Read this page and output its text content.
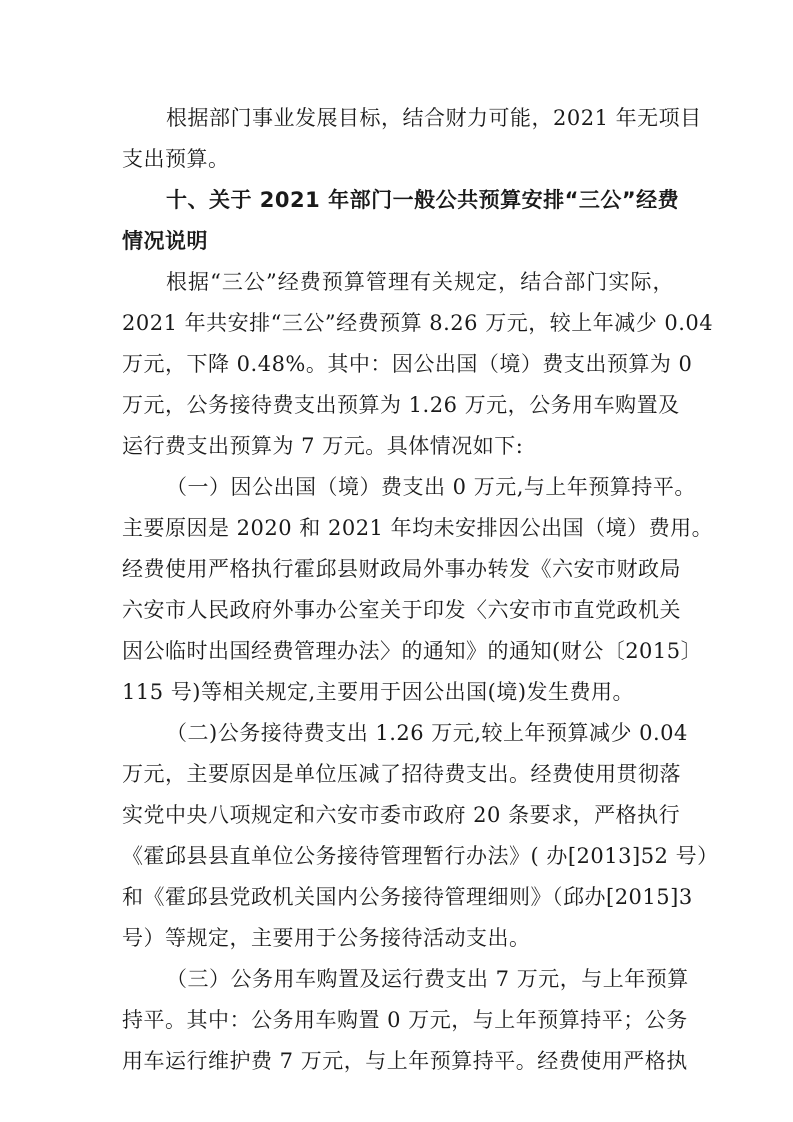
根据部门事业发展目标，结合财力可能，2021 年无项目

支出预算。

十、关于 2021 年部门一般公共预算安排“三公”经费

情况说明

根据“三公”经费预算管理有关规定，结合部门实际，

2021 年共安排“三公”经费预算 8.26 万元，较上年减少 0.04

万元，下降 0.48%。其中：因公出国（境）费支出预算为 0

万元，公务接待费支出预算为 1.26 万元，公务用车购置及

运行费支出预算为 7 万元。具体情况如下:

（一）因公出国（境）费支出 0 万元,与上年预算持平。

主要原因是 2020 和 2021 年均未安排因公出国（境）费用。

经费使用严格执行霍邱县财政局外事办转发《六安市财政局

六安市人民政府外事办公室关于印发〈六安市市直党政机关

因公临时出国经费管理办法〉的通知》的通知(财公〔2015〕

115 号)等相关规定,主要用于因公出国(境)发生费用。

（二)公务接待费支出 1.26 万元,较上年预算减少 0.04

万元，主要原因是单位压减了招待费支出。经费使用贯彻落

实党中央八项规定和六安市委市政府 20 条要求，严格执行

《霍邱县县直单位公务接待管理暂行办法》( 办[2013]52 号）

和《霍邱县党政机关国内公务接待管理细则》（邱办[2015]3

号）等规定，主要用于公务接待活动支出。

（三）公务用车购置及运行费支出 7 万元，与上年预算

持平。其中：公务用车购置 0 万元，与上年预算持平；公务

用车运行维护费 7 万元，与上年预算持平。经费使用严格执
